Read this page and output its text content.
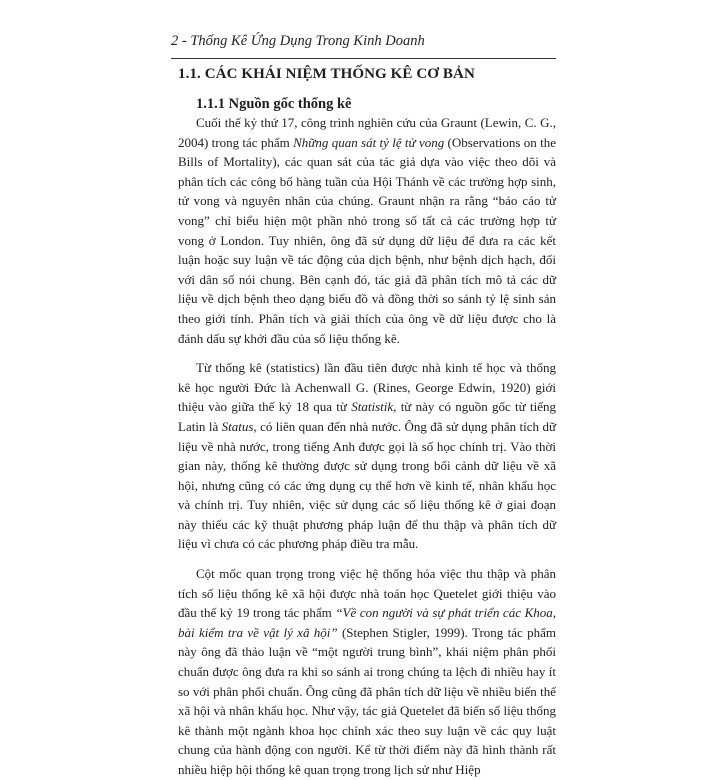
2 - Thống Kê Ứng Dụng Trong Kinh Doanh
1.1. CÁC KHÁI NIỆM THỐNG KÊ CƠ BẢN
1.1.1 Nguồn gốc thống kê

Cuối thế kỷ thứ 17, công trình nghiên cứu của Graunt (Lewin, C. G., 2004) trong tác phẩm Những quan sát tỷ lệ tử vong (Observations on the Bills of Mortality), các quan sát của tác giả dựa vào việc theo dõi và phân tích các công bố hàng tuần của Hội Thánh về các trường hợp sinh, tử vong và nguyên nhân của chúng. Graunt nhận ra rằng “báo cáo tử vong” chỉ biểu hiện một phần nhỏ trong số tất cả các trường hợp tử vong ở London. Tuy nhiên, ông đã sử dụng dữ liệu để đưa ra các kết luận hoặc suy luận về tác động của dịch bệnh, như bệnh dịch hạch, đối với dân số nói chung. Bên cạnh đó, tác giả đã phân tích mô tả các dữ liệu về dịch bệnh theo dạng biểu đồ và đồng thời so sánh tỷ lệ sinh sản theo giới tính. Phân tích và giải thích của ông về dữ liệu được cho là đánh dấu sự khởi đầu của số liệu thống kê.

Từ thống kê (statistics) lần đầu tiên được nhà kinh tế học và thống kê học người Đức là Achenwall G. (Rines, George Edwin, 1920) giới thiệu vào giữa thế kỷ 18 qua từ Statistik, từ này có nguồn gốc từ tiếng Latin là Status, có liên quan đến nhà nước. Ông đã sử dụng phân tích dữ liệu về nhà nước, trong tiếng Anh được gọi là số học chính trị. Vào thời gian này, thống kê thường được sử dụng trong bối cảnh dữ liệu về xã hội, nhưng cũng có các ứng dụng cụ thể hơn về kinh tế, nhân khẩu học và chính trị. Tuy nhiên, việc sử dụng các số liệu thống kê ở giai đoạn này thiếu các kỹ thuật phương pháp luận để thu thập và phân tích dữ liệu vì chưa có các phương pháp điều tra mẫu.

Cột mốc quan trọng trong việc hệ thống hóa việc thu thập và phân tích số liệu thống kê xã hội được nhà toán học Quetelet giới thiệu vào đầu thế kỷ 19 trong tác phẩm “Về con người và sự phát triển các Khoa, bài kiểm tra về vật lý xã hội” (Stephen Stigler, 1999). Trong tác phẩm này ông đã thảo luận về “một người trung bình”, khái niệm phân phối chuẩn được ông đưa ra khi so sánh ai trong chúng ta lệch đi nhiều hay ít so với phân phối chuẩn. Ông cũng đã phân tích dữ liệu về nhiều biến thể xã hội và nhân khẩu học. Như vậy, tác giả Quetelet đã biến số liệu thống kê thành một ngành khoa học chính xác theo suy luận về các quy luật chung của hành động con người. Kể từ thời điểm này đã hình thành rất nhiều hiệp hội thống kê quan trọng trong lịch sử như Hiệp
